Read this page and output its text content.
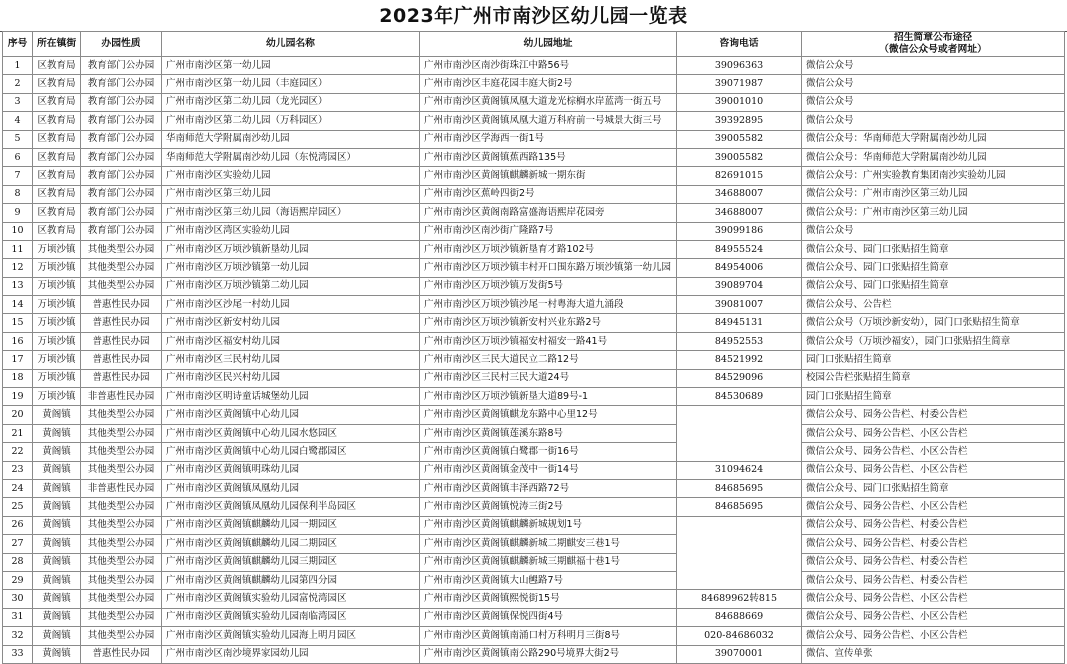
2023年广州市南沙区幼儿园一览表
序号	所在镇街	办园性质	幼儿园名称	幼儿园地址	咨询电话	招生简章公布途径
（微信公众号或者网址）

1	区教育局	教育部门公办园	广州市南沙区第一幼儿园	广州市南沙区南沙街珠江中路56号	39096363	微信公众号
2	区教育局	教育部门公办园	广州市南沙区第一幼儿园（丰庭园区）	广州市南沙区丰庭花园丰庭大街2号	39071987	微信公众号
3	区教育局	教育部门公办园	广州市南沙区第二幼儿园（龙光园区）	广州市南沙区黄阁镇凤凰大道龙光棕榈水岸蓝湾一街五号	39001010	微信公众号
4	区教育局	教育部门公办园	广州市南沙区第二幼儿园（万科园区）	广州市南沙区黄阁镇凤凰大道万科府前一号城景大街三号	39392895	微信公众号
5	区教育局	教育部门公办园	华南师范大学附属南沙幼儿园	广州市南沙区学海西一街1号	39005582	微信公众号：华南师范大学附属南沙幼儿园
6	区教育局	教育部门公办园	华南师范大学附属南沙幼儿园（东悦湾园区）	广州市南沙区黄阁镇蕉西路135号	39005582	微信公众号：华南师范大学附属南沙幼儿园
7	区教育局	教育部门公办园	广州市南沙区实验幼儿园	广州市南沙区黄阁镇麒麟新城一期东街	82691015	微信公众号：广州实验教育集团南沙实验幼儿园
8	区教育局	教育部门公办园	广州市南沙区第三幼儿园	广州市南沙区蕉岭四街2号	34688007	微信公众号：广州市南沙区第三幼儿园
9	区教育局	教育部门公办园	广州市南沙区第三幼儿园（海语熙岸园区）	广州市南沙区黄阁南路富盛海语熙岸花园旁	34688007	微信公众号：广州市南沙区第三幼儿园
10	区教育局	教育部门公办园	广州市南沙区湾区实验幼儿园	广州市南沙区南沙街广隆路7号	39099186	微信公众号
11	万顷沙镇	其他类型公办园	广州市南沙区万顷沙镇新垦幼儿园	广州市南沙区万顷沙镇新垦育才路102号	84955524	微信公众号、园门口张贴招生简章
12	万顷沙镇	其他类型公办园	广州市南沙区万顷沙镇第一幼儿园	广州市南沙区万顷沙镇丰村开口围东路万顷沙镇第一幼儿园	84954006	微信公众号、园门口张贴招生简章
13	万顷沙镇	其他类型公办园	广州市南沙区万顷沙镇第二幼儿园	广州市南沙区万顷沙镇万发街5号	39089704	微信公众号、园门口张贴招生简章
14	万顷沙镇	普惠性民办园	广州市南沙区沙尾一村幼儿园	广州市南沙区万顷沙镇沙尾一村粤海大道九涌段	39081007	微信公众号、公告栏
15	万顷沙镇	普惠性民办园	广州市南沙区新安村幼儿园	广州市南沙区万顷沙镇新安村兴业东路2号	84945131	微信公众号（万顷沙新安幼），园门口张贴招生简章
16	万顷沙镇	普惠性民办园	广州市南沙区福安村幼儿园	广州市南沙区万顷沙镇福安村福安一路41号	84952553	微信公众号（万顷沙福安），园门口张贴招生简章
17	万顷沙镇	普惠性民办园	广州市南沙区三民村幼儿园	广州市南沙区三民大道民立二路12号	84521992	园门口张贴招生简章
18	万顷沙镇	普惠性民办园	广州市南沙区民兴村幼儿园	广州市南沙区三民村三民大道24号	84529096	校园公告栏张贴招生简章
19	万顷沙镇	非普惠性民办园	广州市南沙区明诗童话城堡幼儿园	广州市南沙区万顷沙镇新垦大道89号-1	84530689	园门口张贴招生简章
20	黄阁镇	其他类型公办园	广州市南沙区黄阁镇中心幼儿园	广州市南沙区黄阁镇麒龙东路中心里12号		微信公众号、园务公告栏、村委公告栏
21	黄阁镇	其他类型公办园	广州市南沙区黄阁镇中心幼儿园水悠园区	广州市南沙区黄阁镇莲溪东路8号		微信公众号、园务公告栏、小区公告栏
22	黄阁镇	其他类型公办园	广州市南沙区黄阁镇中心幼儿园白鹭郡园区	广州市南沙区黄阁镇白鹭郡一街16号		微信公众号、园务公告栏、小区公告栏
23	黄阁镇	其他类型公办园	广州市南沙区黄阁镇明珠幼儿园	广州市南沙区黄阁镇金茂中一街14号	31094624	微信公众号、园务公告栏、小区公告栏
24	黄阁镇	非普惠性民办园	广州市南沙区黄阁镇凤凰幼儿园	广州市南沙区黄阁镇丰泽西路72号	84685695	微信公众号、园门口张贴招生简章
25	黄阁镇	其他类型公办园	广州市南沙区黄阁镇凤凰幼儿园保利半岛园区	广州市南沙区黄阁镇悦涛三街2号	84685695	微信公众号、园务公告栏、小区公告栏
26	黄阁镇	其他类型公办园	广州市南沙区黄阁镇麒麟幼儿园一期园区	广州市南沙区黄阁镇麒麟新城规划1号		微信公众号、园务公告栏、村委公告栏
27	黄阁镇	其他类型公办园	广州市南沙区黄阁镇麒麟幼儿园二期园区	广州市南沙区黄阁镇麒麟新城二期麒安三巷1号		微信公众号、园务公告栏、村委公告栏
28	黄阁镇	其他类型公办园	广州市南沙区黄阁镇麒麟幼儿园三期园区	广州市南沙区黄阁镇麒麟新城三期麒福十巷1号		微信公众号、园务公告栏、村委公告栏
29	黄阁镇	其他类型公办园	广州市南沙区黄阁镇麒麟幼儿园第四分园	广州市南沙区黄阁镇大山乸路7号		微信公众号、园务公告栏、村委公告栏
30	黄阁镇	其他类型公办园	广州市南沙区黄阁镇实验幼儿园富悦湾园区	广州市南沙区黄阁镇熙悦街15号	84689962转815	微信公众号、园务公告栏、小区公告栏
31	黄阁镇	其他类型公办园	广州市南沙区黄阁镇实验幼儿园南临湾园区	广州市南沙区黄阁镇保悦四街4号	84688669	微信公众号、园务公告栏、小区公告栏
32	黄阁镇	其他类型公办园	广州市南沙区黄阁镇实验幼儿园海上明月园区	广州市南沙区黄阁镇南涌口村万科明月三街8号	020-84686032	微信公众号、园务公告栏、小区公告栏
33	黄阁镇	普惠性民办园	广州市南沙区南沙境界家园幼儿园	广州市南沙区黄阁镇南公路290号境界大街2号	39070001	微信、宣传单张
